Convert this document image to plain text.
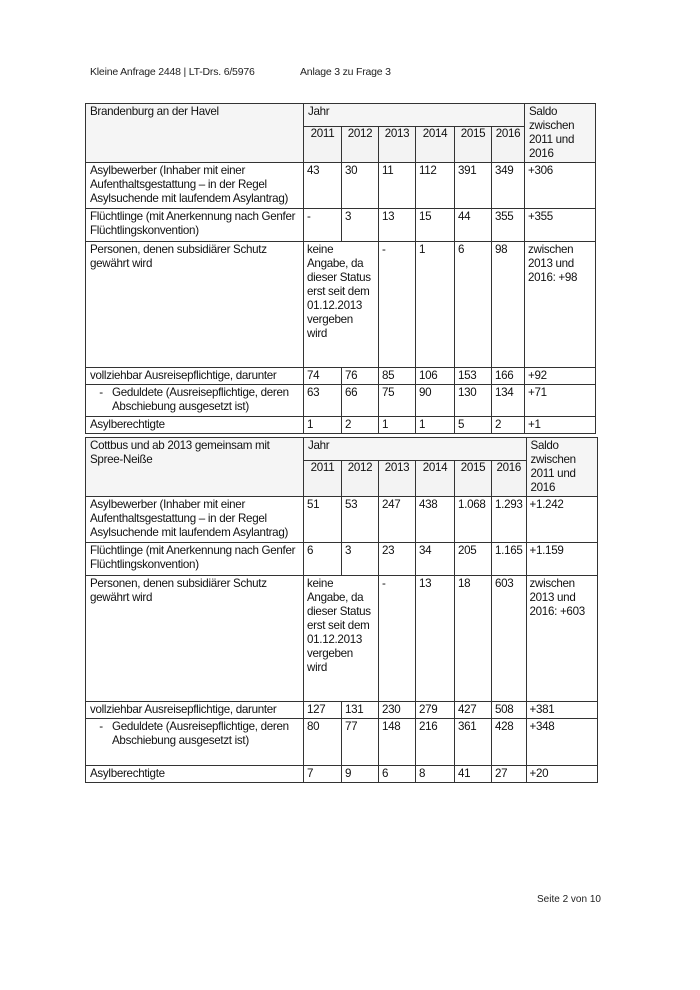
Kleine Anfrage 2448 | LT-Drs. 6/5976	Anlage 3 zu Frage 3
Brandenburg an der Havel	Jahr						Saldo zwischen 2011 und 2016
	2011	2012	2013	2014	2015	2016	
Asylbewerber (Inhaber mit einer Aufenthaltsgestattung – in der Regel Asylsuchende mit laufendem Asylantrag)	43	30	11	112	391	349	+306
Flüchtlinge (mit Anerkennung nach Genfer Flüchtlingskonvention)	-	3	13	15	44	355	+355
Personen, denen subsidiärer Schutz gewährt wird	keine Angabe, da dieser Status erst seit dem 01.12.2013 vergeben wird		-	1	6	98	zwischen 2013 und 2016: +98
vollziehbar Ausreisepflichtige, darunter	74	76	85	106	153	166	+92

- Geduldete (Ausreisepflichtige, deren Abschiebung ausgesetzt ist)	63	66	75	90	130	134	+71
Asylberechtigte	1	2	1	1	5	2	+1
Cottbus und ab 2013 gemeinsam mit Spree-Neiße	Jahr						Saldo zwischen 2011 und 2016
	2011	2012	2013	2014	2015	2016	
Asylbewerber (Inhaber mit einer Aufenthaltsgestattung – in der Regel Asylsuchende mit laufendem Asylantrag)	51	53	247	438	1.068	1.293	+1.242
Flüchtlinge (mit Anerkennung nach Genfer Flüchtlingskonvention)	6	3	23	34	205	1.165	+1.159
Personen, denen subsidiärer Schutz gewährt wird	keine Angabe, da dieser Status erst seit dem 01.12.2013 vergeben wird		-	13	18	603	zwischen 2013 und 2016: +603
vollziehbar Ausreisepflichtige, darunter	127	131	230	279	427	508	+381

- Geduldete (Ausreisepflichtige, deren Abschiebung ausgesetzt ist)	80	77	148	216	361	428	+348
Asylberechtigte	7	9	6	8	41	27	+20
Seite 2 von 10
